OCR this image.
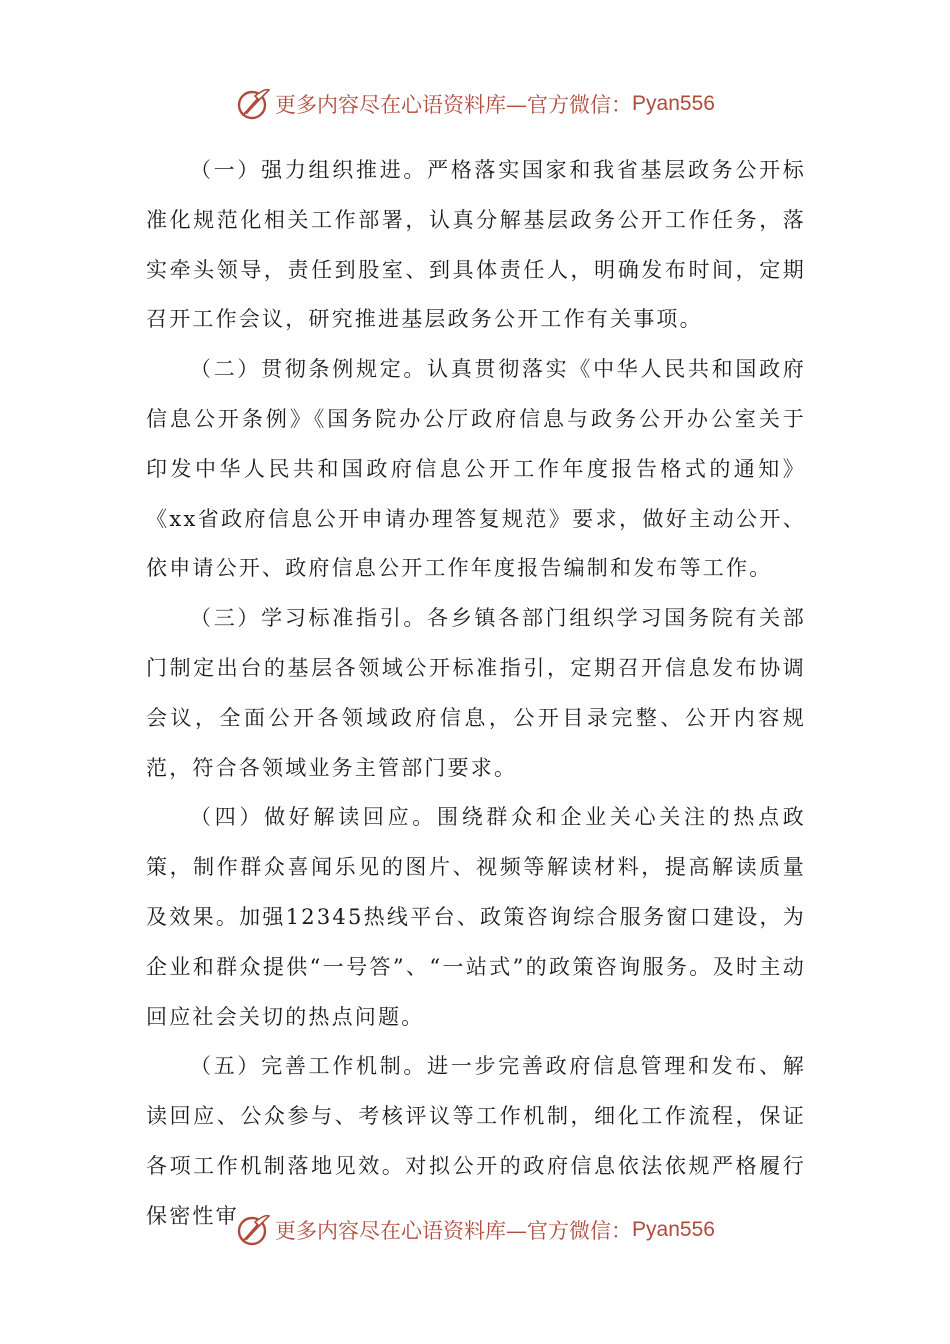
更多内容尽在心语资料库—官方微信： Pyan556

（一）强力组织推进。严格落实国家和我省基层政务公开标准化规范化相关工作部署，认真分解基层政务公开工作任务，落实牵头领导，责任到股室、到具体责任人，明确发布时间，定期召开工作会议，研究推进基层政务公开工作有关事项。

（二）贯彻条例规定。认真贯彻落实《中华人民共和国政府信息公开条例》《国务院办公厅政府信息与政务公开办公室关于印发中华人民共和国政府信息公开工作年度报告格式的通知》《xx省政府信息公开申请办理答复规范》要求，做好主动公开、依申请公开、政府信息公开工作年度报告编制和发布等工作。

（三）学习标准指引。各乡镇各部门组织学习国务院有关部门制定出台的基层各领域公开标准指引，定期召开信息发布协调会议，全面公开各领域政府信息，公开目录完整、公开内容规范，符合各领域业务主管部门要求。

（四）做好解读回应。围绕群众和企业关心关注的热点政策，制作群众喜闻乐见的图片、视频等解读材料，提高解读质量及效果。加强12345热线平台、政策咨询综合服务窗口建设，为企业和群众提供“一号答”、“一站式”的政策咨询服务。及时主动回应社会关切的热点问题。

（五）完善工作机制。进一步完善政府信息管理和发布、解读回应、公众参与、考核评议等工作机制，细化工作流程，保证各项工作机制落地见效。对拟公开的政府信息依法依规严格履行保密性审

更多内容尽在心语资料库—官方微信： Pyan556
